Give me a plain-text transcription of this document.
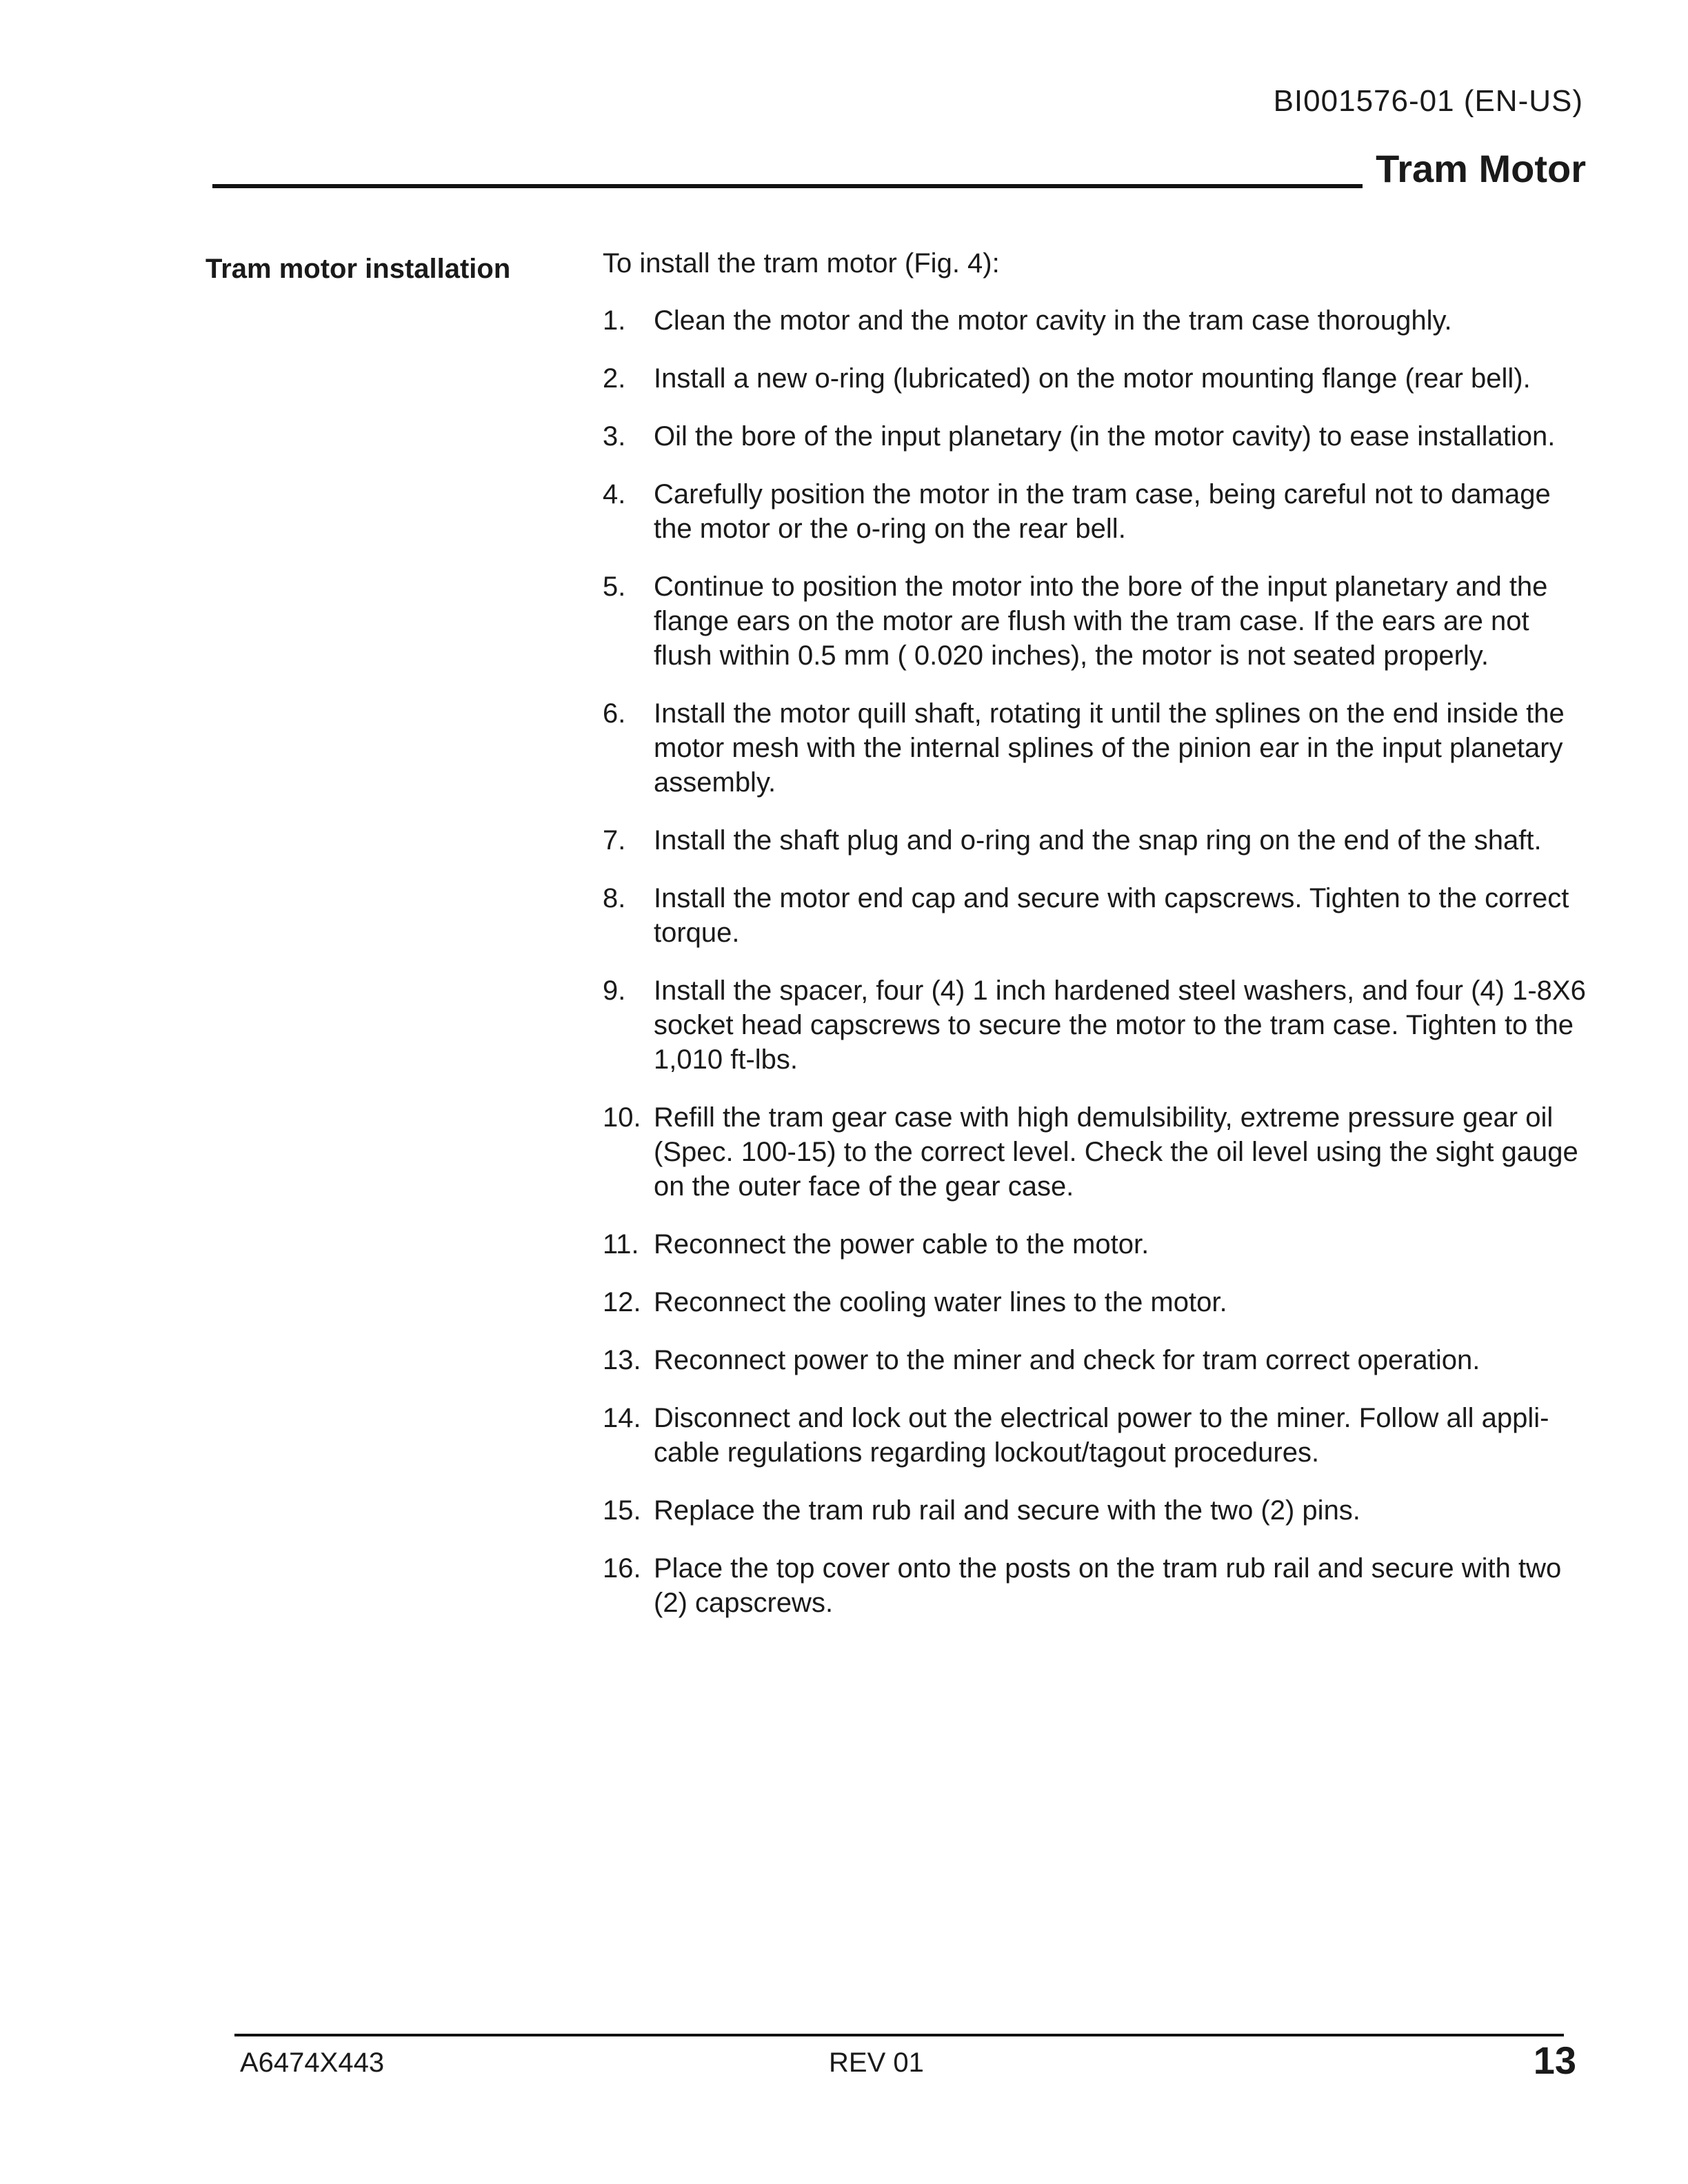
BI001576-01 (EN-US)
Tram Motor
Tram motor installation	To install the tram motor (Fig. 4):
1.	Clean the motor and the motor cavity in the tram case thoroughly.
2.	Install a new o-ring (lubricated) on the motor mounting flange (rear bell).
3.	Oil the bore of the input planetary (in the motor cavity) to ease installation.
4.	Carefully position the motor in the tram case, being careful not to damage the motor or the o-ring on the rear bell.
5.	Continue to position the motor into the bore of the input planetary and the flange ears on the motor are flush with the tram case. If the ears are not flush within 0.5 mm ( 0.020 inches), the motor is not seated properly.
6.	Install the motor quill shaft, rotating it until the splines on the end inside the motor mesh with the internal splines of the pinion ear in the input planetary assembly.
7.	Install the shaft plug and o-ring and the snap ring on the end of the shaft.
8.	Install the motor end cap and secure with capscrews. Tighten to the correct torque.
9.	Install the spacer, four (4) 1 inch hardened steel washers, and four (4) 1-8X6 socket head capscrews to secure the motor to the tram case. Tighten to the 1,010 ft-lbs.
10. Refill the tram gear case with high demulsibility, extreme pressure gear oil (Spec. 100-15) to the correct level. Check the oil level using the sight gauge on the outer face of the gear case.
11. Reconnect the power cable to the motor.
12. Reconnect the cooling water lines to the motor.
13. Reconnect power to the miner and check for tram correct operation.
14. Disconnect and lock out the electrical power to the miner. Follow all appli-cable regulations regarding lockout/tagout procedures.
15. Replace the tram rub rail and secure with the two (2) pins.
16. Place the top cover onto the posts on the tram rub rail and secure with two (2) capscrews.
A6474X443	REV 01	13
